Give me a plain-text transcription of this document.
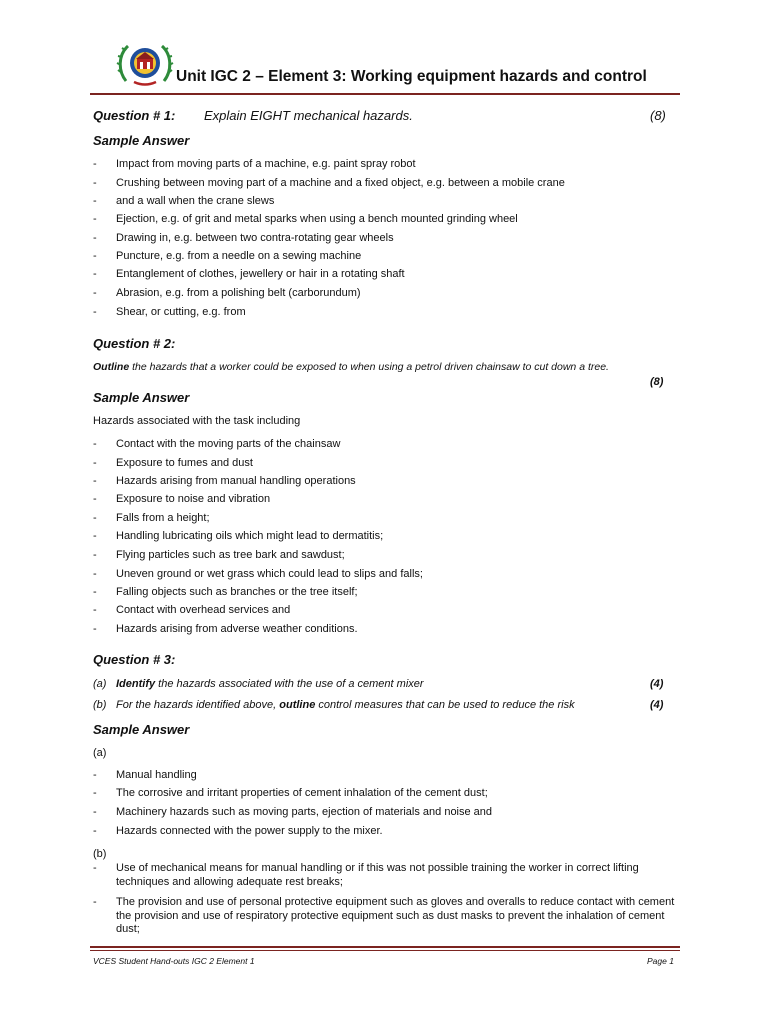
Unit IGC 2 – Element 3: Working equipment hazards and control
Question # 1: Explain EIGHT mechanical hazards.	(8)
Sample Answer
- Impact from moving parts of a machine, e.g. paint spray robot
- Crushing between moving part of a machine and a fixed object, e.g. between a mobile crane
- and a wall when the crane slews
- Ejection, e.g. of grit and metal sparks when using a bench mounted grinding wheel
- Drawing in, e.g. between two contra-rotating gear wheels
- Puncture, e.g. from a needle on a sewing machine
- Entanglement of clothes, jewellery or hair in a rotating shaft
- Abrasion, e.g. from a polishing belt (carborundum)
- Shear, or cutting, e.g. from
Question # 2:
Outline the hazards that a worker could be exposed to when using a petrol driven chainsaw to cut down a tree.
(8)
Sample Answer
Hazards associated with the task including
- Contact with the moving parts of the chainsaw
- Exposure to fumes and dust
- Hazards arising from manual handling operations
- Exposure to noise and vibration
- Falls from a height;
- Handling lubricating oils which might lead to dermatitis;
- Flying particles such as tree bark and sawdust;
- Uneven ground or wet grass which could lead to slips and falls;
- Falling objects such as branches or the tree itself;
- Contact with overhead services and
- Hazards arising from adverse weather conditions.
Question # 3:
(a) Identify the hazards associated with the use of a cement mixer	(4)
(b) For the hazards identified above, outline control measures that can be used to reduce the risk	(4)
Sample Answer
(a)
- Manual handling
- The corrosive and irritant properties of cement inhalation of the cement dust;
- Machinery hazards such as moving parts, ejection of materials and noise and
- Hazards connected with the power supply to the mixer.
(b)
- Use of mechanical means for manual handling or if this was not possible training the worker in correct lifting techniques and allowing adequate rest breaks;
- The provision and use of personal protective equipment such as gloves and overalls to reduce contact with cement the provision and use of respiratory protective equipment such as dust masks to prevent the inhalation of cement dust;
VCES Student Hand-outs IGC 2 Element 1	Page 1
